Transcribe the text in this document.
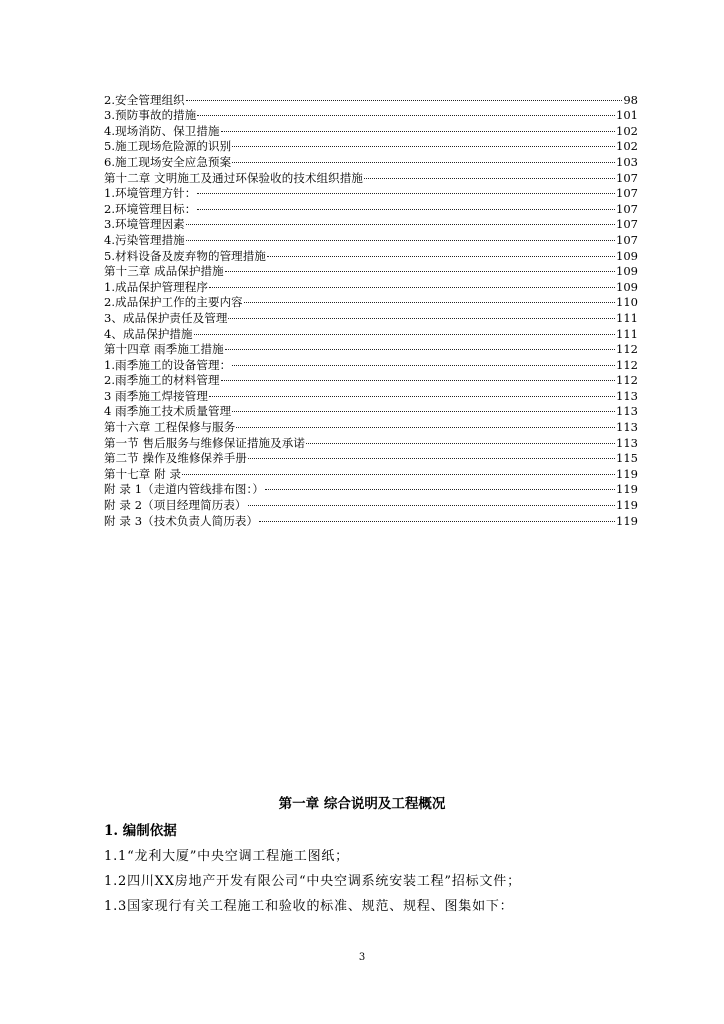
2.安全管理组织	98
3.预防事故的措施	101
4.现场消防、保卫措施	102
5.施工现场危险源的识别	102
6.施工现场安全应急预案	103
第十二章 文明施工及通过环保验收的技术组织措施	107
1.环境管理方针：	107
2.环境管理目标：	107
3.环境管理因素	107
4.污染管理措施	107
5.材料设备及废弃物的管理措施	109
第十三章 成品保护措施	109
1.成品保护管理程序	109
2.成品保护工作的主要内容	110
3、成品保护责任及管理	111
4、成品保护措施	111
第十四章 雨季施工措施	112
1.雨季施工的设备管理：	112
2.雨季施工的材料管理	112
3 雨季施工焊接管理	113
4 雨季施工技术质量管理	113
第十六章 工程保修与服务	113
第一节 售后服务与维修保证措施及承诺	113
第二节 操作及维修保养手册	115
第十七章 附 录	119
附 录 1（走道内管线排布图：）	119
附 录 2（项目经理简历表）	119
附 录 3（技术负责人简历表）	119
第一章 综合说明及工程概况
1. 编制依据
1.1“龙利大厦”中央空调工程施工图纸；
1.2四川XX房地产开发有限公司“中央空调系统安装工程”招标文件；
1.3国家现行有关工程施工和验收的标准、规范、规程、图集如下：
3
